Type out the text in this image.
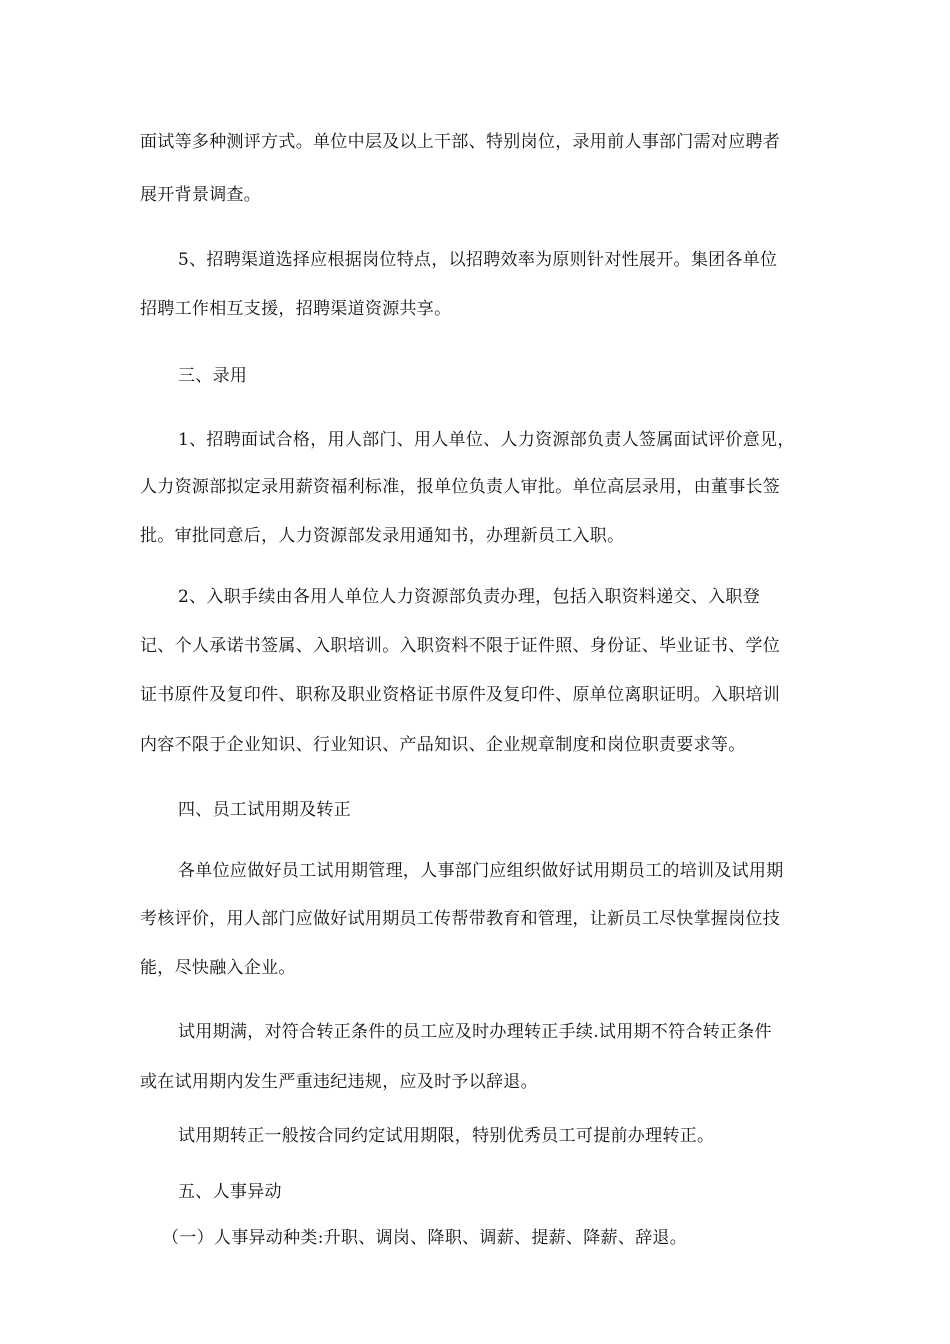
面试等多种测评方式。单位中层及以上干部、特别岗位，录用前人事部门需对应聘者
展开背景调查。
5、招聘渠道选择应根据岗位特点，以招聘效率为原则针对性展开。集团各单位
招聘工作相互支援，招聘渠道资源共享。
三、录用
1、招聘面试合格，用人部门、用人单位、人力资源部负责人签属面试评价意见，
人力资源部拟定录用薪资福利标准，报单位负责人审批。单位高层录用，由董事长签
批。审批同意后，人力资源部发录用通知书，办理新员工入职。
2、入职手续由各用人单位人力资源部负责办理，包括入职资料递交、入职登
记、个人承诺书签属、入职培训。入职资料不限于证件照、身份证、毕业证书、学位
证书原件及复印件、职称及职业资格证书原件及复印件、原单位离职证明。入职培训
内容不限于企业知识、行业知识、产品知识、企业规章制度和岗位职责要求等。
四、员工试用期及转正
各单位应做好员工试用期管理，人事部门应组织做好试用期员工的培训及试用期
考核评价，用人部门应做好试用期员工传帮带教育和管理，让新员工尽快掌握岗位技
能，尽快融入企业。
试用期满，对符合转正条件的员工应及时办理转正手续.试用期不符合转正条件
或在试用期内发生严重违纪违规，应及时予以辞退。
试用期转正一般按合同约定试用期限，特别优秀员工可提前办理转正。
五、人事异动
（一）人事异动种类:升职、调岗、降职、调薪、提薪、降薪、辞退。
